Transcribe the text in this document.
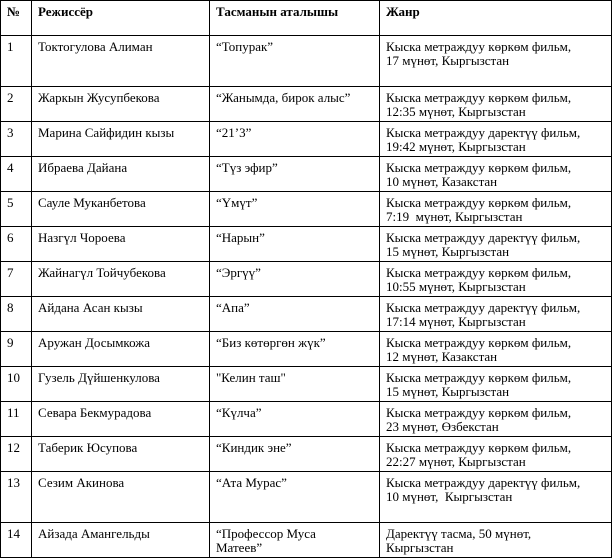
№	Режиссёр	Тасманын аталышы	Жанр
1	Токтогулова Алиман	“Топурак”	Кыска метраждуу көркөм фильм,
17 мүнөт, Кыргызстан
2	Жаркын Жусупбекова	“Жанымда, бирок алыс”	Кыска метраждуу көркөм фильм,
12:35 мүнөт, Кыргызстан
3	Марина Сайфидин кызы	“21’3”	Кыска метраждуу даректүү фильм,
19:42 мүнөт, Кыргызстан
4	Ибраева Дайана	“Түз эфир”	Кыска метраждуу көркөм фильм,
10 мүнөт, Казакстан
5	Сауле Муканбетова	“Үмүт”	Кыска метраждуу көркөм фильм,
7:19  мүнөт, Кыргызстан
6	Назгүл Чороева	“Нарын”	Кыска метраждуу даректүү фильм,
15 мүнөт, Кыргызстан
7	Жайнагүл Тойчубекова	“Эргүү”	Кыска метраждуу көркөм фильм,
10:55 мүнөт, Кыргызстан
8	Айдана Асан кызы	“Апа”	Кыска метраждуу даректүү фильм,
17:14 мүнөт, Кыргызстан
9	Аружан Досымкожа	“Биз көтөргөн жүк”	Кыска метраждуу көркөм фильм,
12 мүнөт, Казакстан
10	Гузель Дүйшенкулова	"Келин таш"	Кыска метраждуу көркөм фильм,
15 мүнөт, Кыргызстан
11	Севара Бекмурадова	“Күлча”	Кыска метраждуу көркөм фильм,
23 мүнөт, Өзбекстан
12	Таберик Юсупова	“Киндик эне”	Кыска метраждуу көркөм фильм,
22:27 мүнөт, Кыргызстан
13	Сезим Акинова	“Ата Мурас”	Кыска метраждуу даректүү фильм,
10 мүнөт,  Кыргызстан
14	Айзада Амангельды	“Профессор Муса
Матеев”	Даректүү тасма, 50 мүнөт,
Кыргызстан
